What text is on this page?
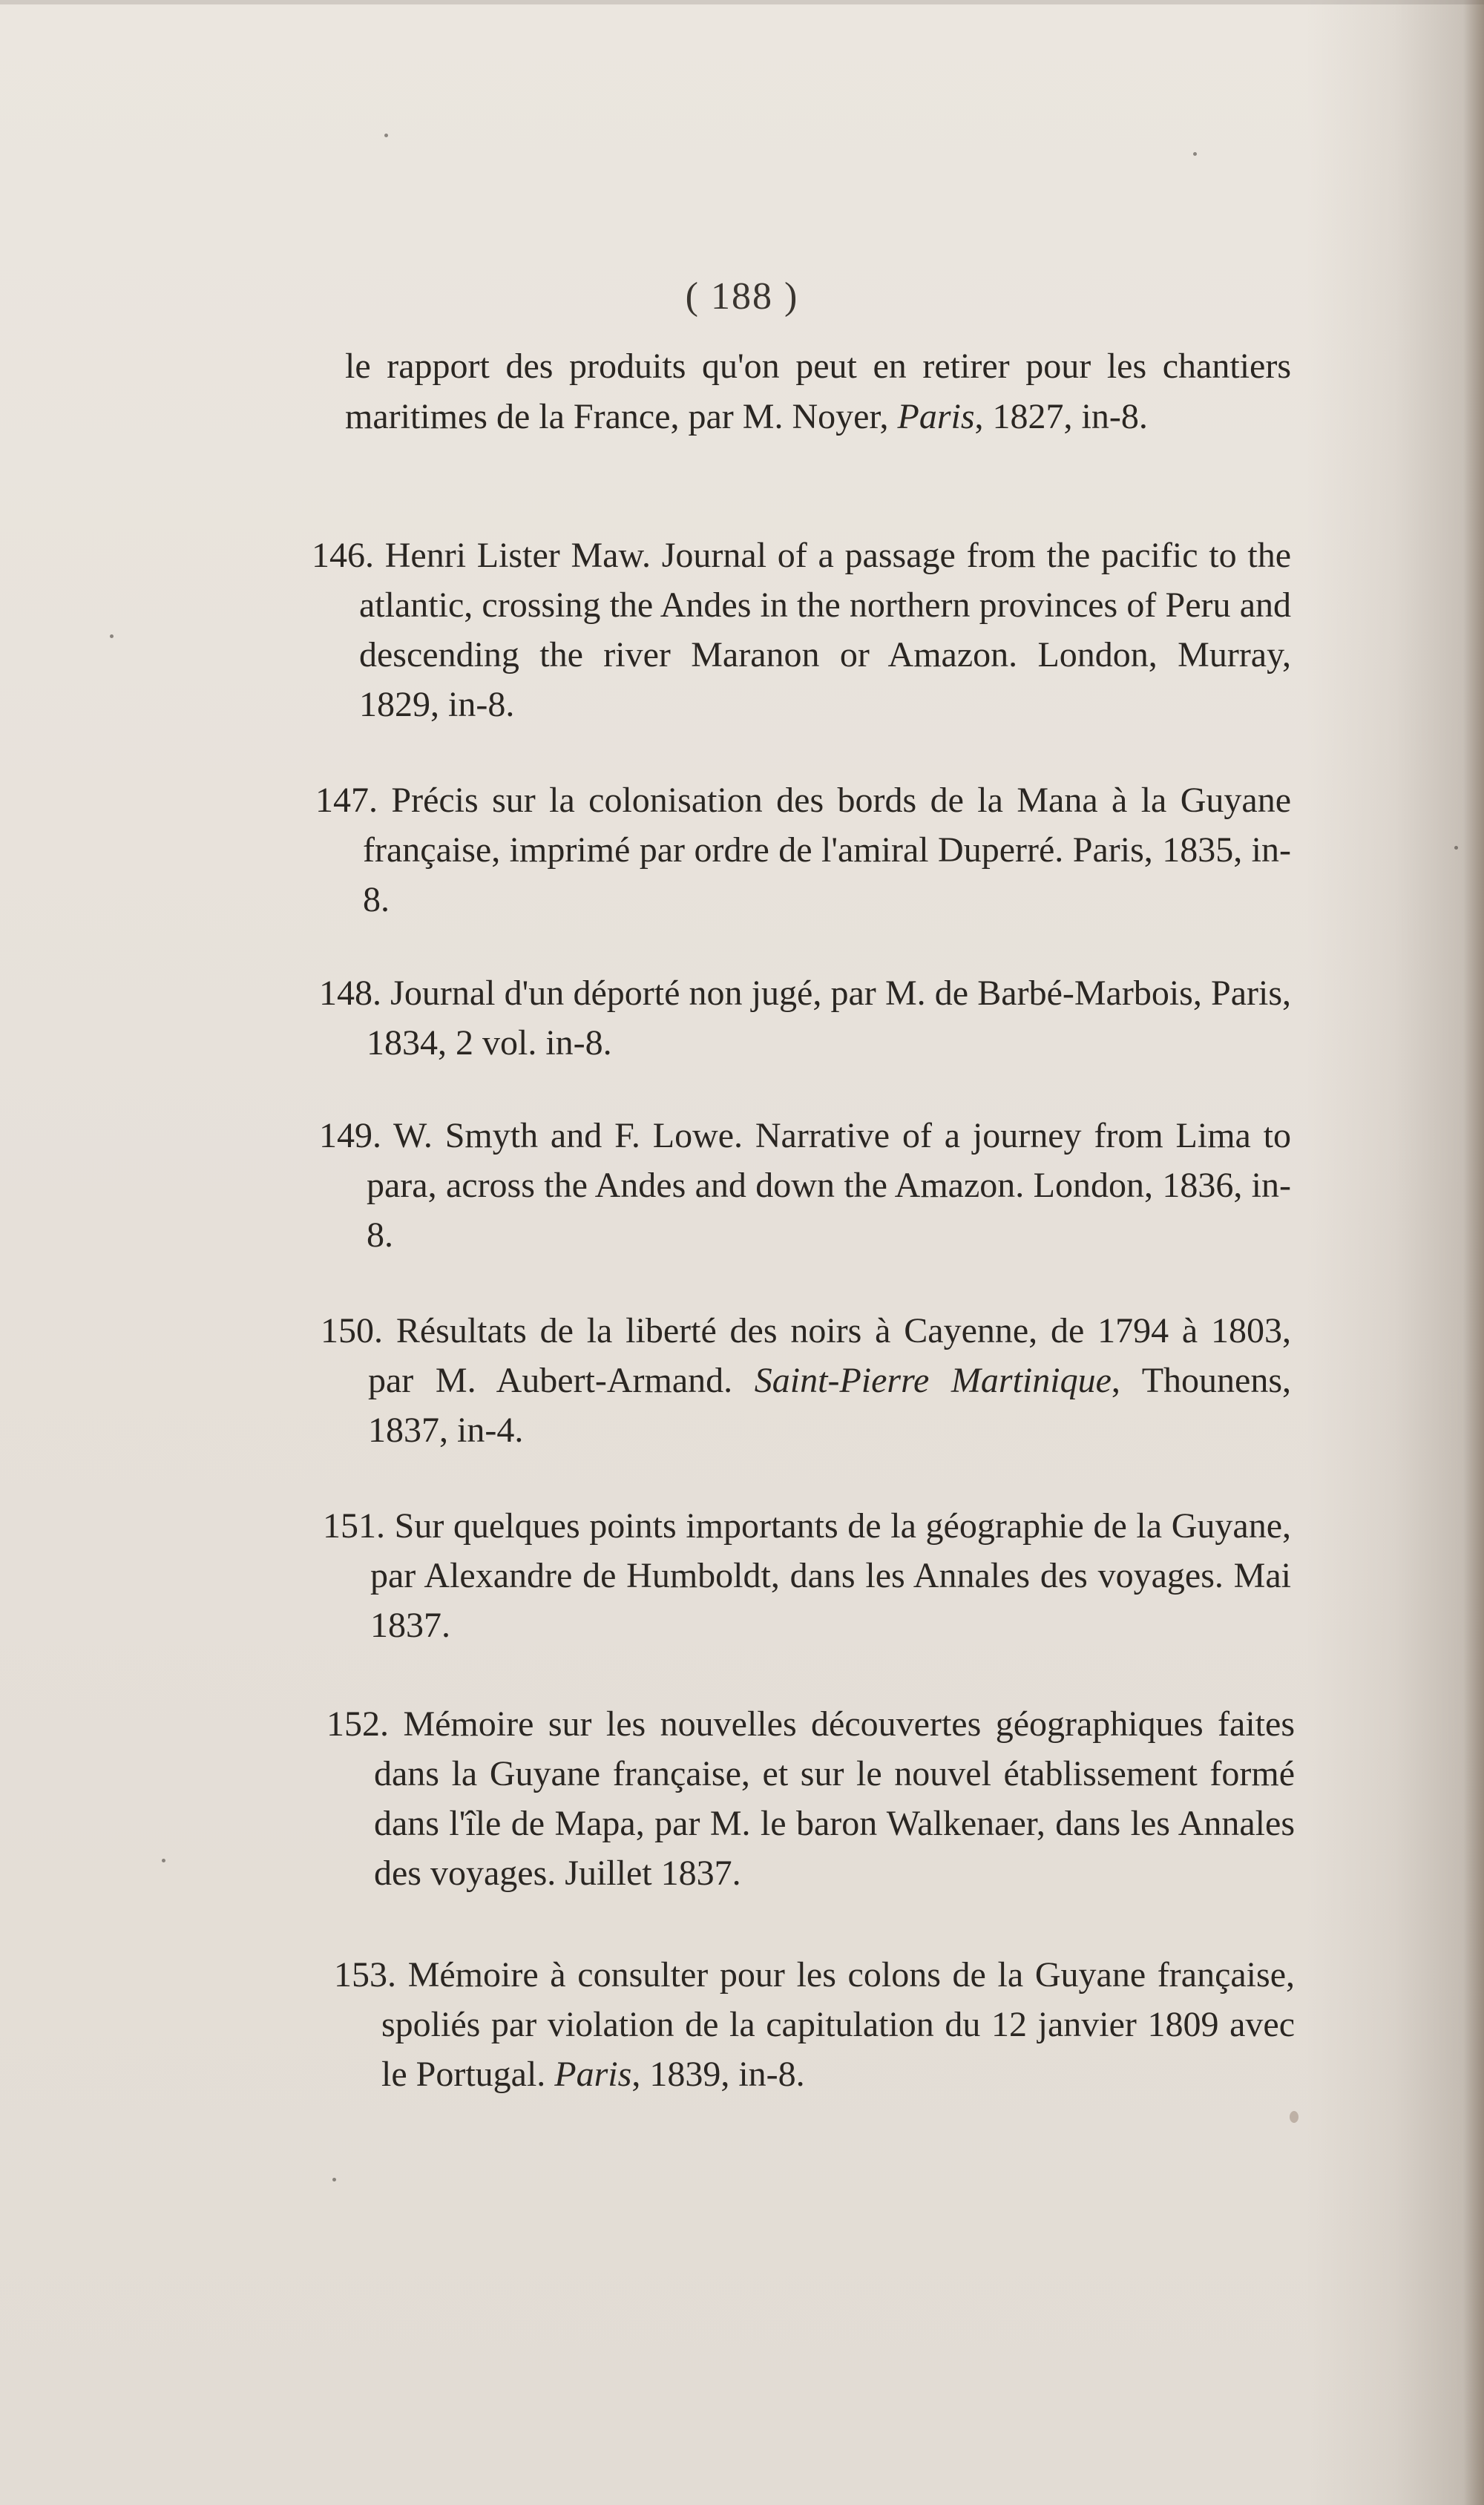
( 188 )
le rapport des produits qu'on peut en retirer pour les chantiers maritimes de la France, par M. Noyer, Paris, 1827, in-8.
146. Henri Lister Maw. Journal of a passage from the pacific to the atlantic, crossing the Andes in the northern provinces of Peru and descending the river Maranon or Amazon. London, Murray, 1829, in-8.
147. Précis sur la colonisation des bords de la Mana à la Guyane française, imprimé par ordre de l'amiral Duperré. Paris, 1835, in-8.
148. Journal d'un déporté non jugé, par M. de Barbé-Marbois, Paris, 1834, 2 vol. in-8.
149. W. Smyth and F. Lowe. Narrative of a journey from Lima to para, across the Andes and down the Amazon. London, 1836, in-8.
150. Résultats de la liberté des noirs à Cayenne, de 1794 à 1803, par M. Aubert-Armand. Saint-Pierre Martinique, Thounens, 1837, in-4.
151. Sur quelques points importants de la géographie de la Guyane, par Alexandre de Humboldt, dans les Annales des voyages. Mai 1837.
152. Mémoire sur les nouvelles découvertes géographiques faites dans la Guyane française, et sur le nouvel établissement formé dans l'île de Mapa, par M. le baron Walkenaer, dans les Annales des voyages. Juillet 1837.
153. Mémoire à consulter pour les colons de la Guyane française, spoliés par violation de la capitulation du 12 janvier 1809 avec le Portugal. Paris, 1839, in-8.
